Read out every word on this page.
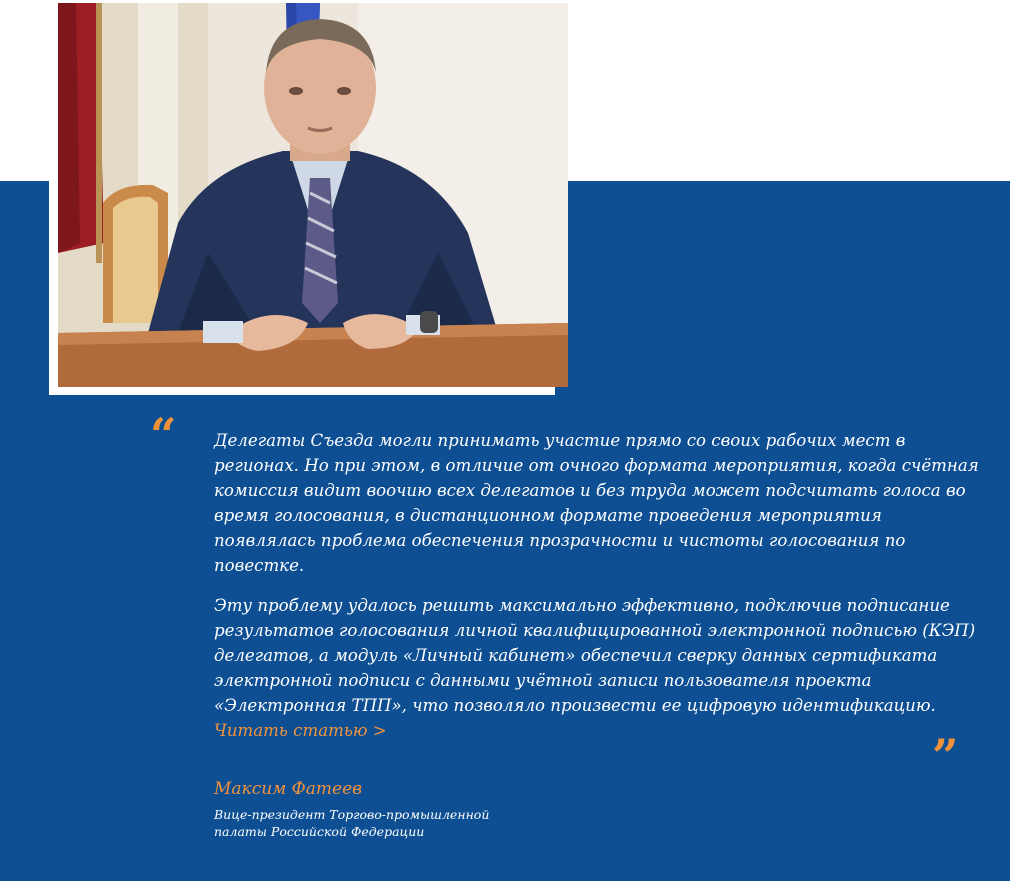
“	Делегаты Съезда могли принимать участие прямо со своих рабочих мест в регионах. Но при этом, в отличие от очного формата мероприятия, когда счётная комиссия видит воочию всех делегатов и без труда может подсчитать голоса во время голосования, в дистанционном формате проведения мероприятия появлялась проблема обеспечения прозрачности и чистоты голосования по повестке.

Эту проблему удалось решить максимально эффективно, подключив подписание результатов голосования личной квалифицированной электронной подписью (КЭП) делегатов, а модуль «Личный кабинет» обеспечил сверку данных сертификата электронной подписи с данными учётной записи пользователя проекта «Электронная ТПП», что позволяло произвести ее цифровую идентификацию. Читать статью >	”
Максим Фатеев
Вице-президент Торгово-промышленной
палаты Российской Федерации
